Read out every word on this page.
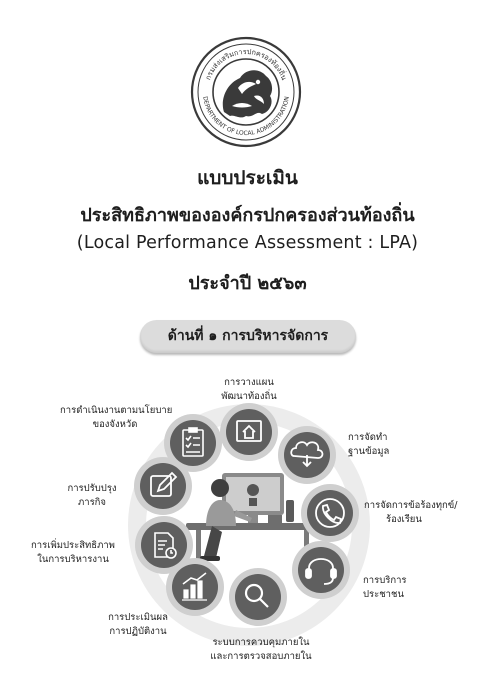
กรมส่งเสริมการปกครองท้องถิ่น
DEPARTMENT OF LOCAL ADMINISTRATION
แบบประเมิน
ประสิทธิภาพขององค์กรปกครองส่วนท้องถิ่น
(Local Performance Assessment : LPA)
ประจำปี ๒๕๖๓
ด้านที่ ๑ การบริหารจัดการ
การวางแผน
พัฒนาท้องถิ่น
การจัดทำ
ฐานข้อมูล
การจัดการข้อร้องทุกข์/
ร้องเรียน
การบริการ
ประชาชน
ระบบการควบคุมภายใน
และการตรวจสอบภายใน
การประเมินผล
การปฏิบัติงาน
การเพิ่มประสิทธิภาพ
ในการบริหารงาน
การปรับปรุง
ภารกิจ
การดำเนินงานตามนโยบาย
ของจังหวัด
